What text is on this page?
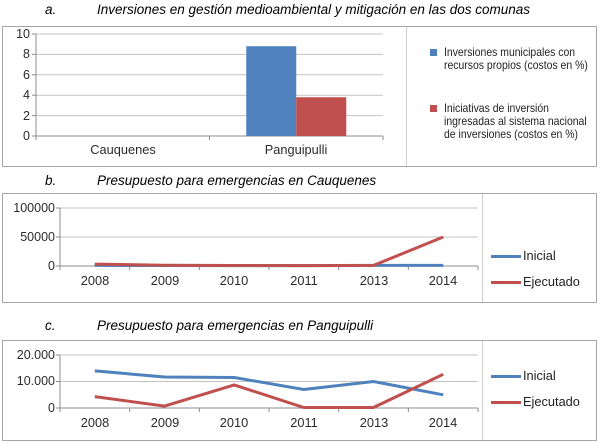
a.	Inversiones en gestión medioambiental y mitigación en las dos comunas
10
8
6
4
2
0
Cauquenes	Panguipulli
Inversiones municipales con recursos propios (costos en %)
Iniciativas de inversión ingresadas al sistema nacional de inversiones (costos en %)
b.	Presupuesto para emergencias en Cauquenes
100000
50000
0
2008	2009	2010	2011	2013	2014
Inicial
Ejecutado
c.	Presupuesto para emergencias en Panguipulli
20.000
10.000
0
2008	2009	2010	2011	2013	2014
Inicial
Ejecutado
